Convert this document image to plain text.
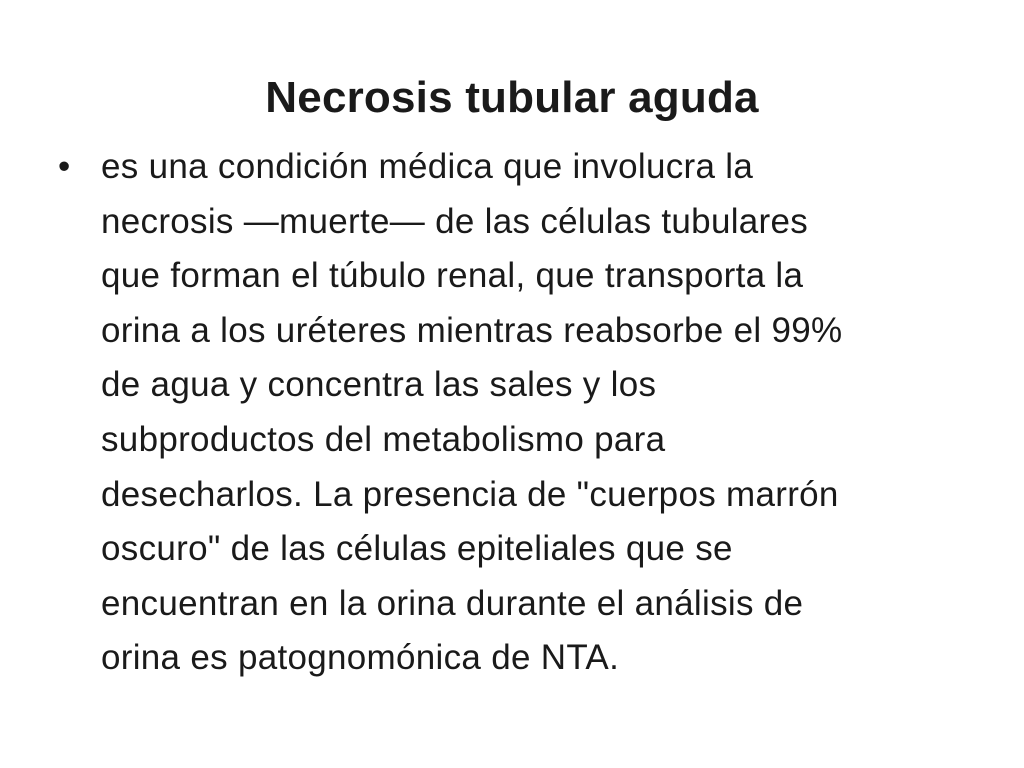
Necrosis tubular aguda
• es una condición médica que involucra la
necrosis —muerte— de las células tubulares
que forman el túbulo renal, que transporta la
orina a los uréteres mientras reabsorbe el 99%
de agua y concentra las sales y los
subproductos del metabolismo para
desecharlos. La presencia de "cuerpos marrón
oscuro" de las células epiteliales que se
encuentran en la orina durante el análisis de
orina es patognomónica de NTA.
